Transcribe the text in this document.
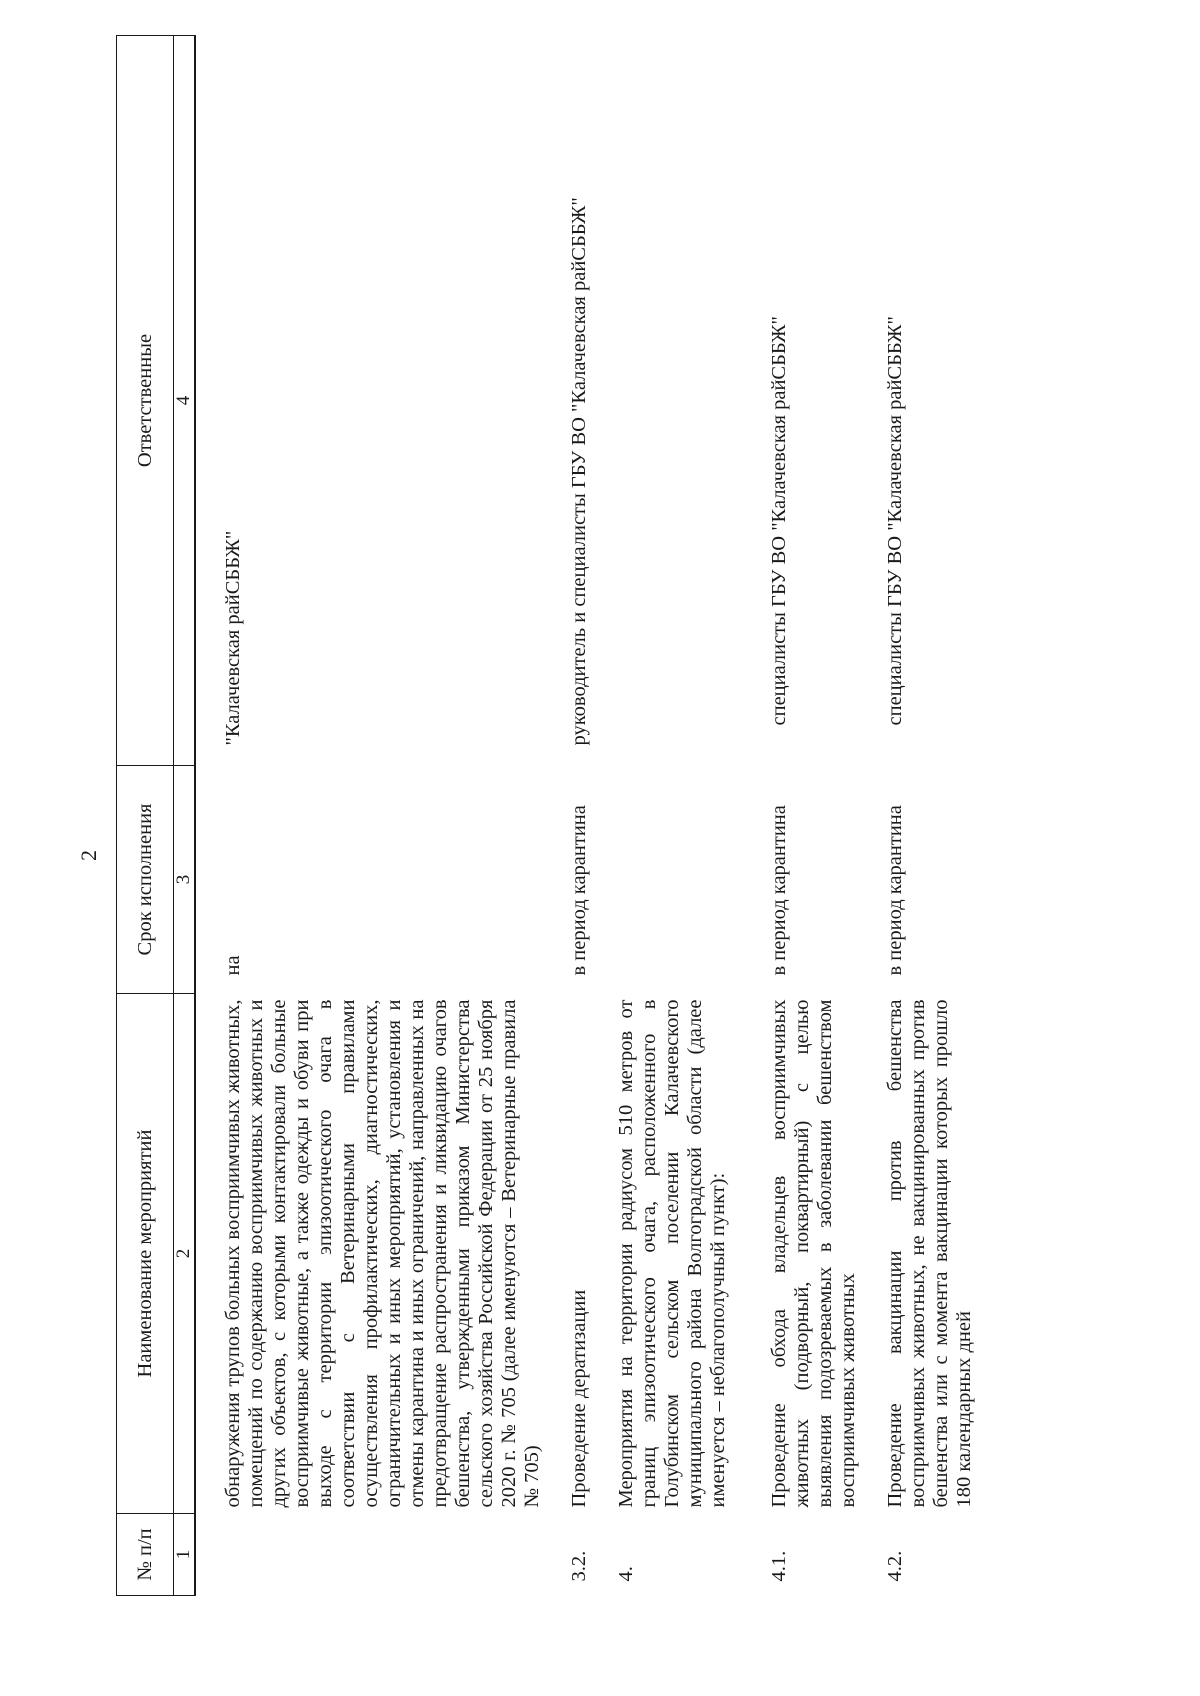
2
№ п/п	Наименование мероприятий	Срок исполнения	Ответственные
1	2	3	4
	обнаружения трупов больных восприимчивых животных, помещений по содержанию восприимчивых животных и других объектов, с которыми контактировали больные восприимчивые животные, а также одежды и обуви при выходе с территории эпизоотического очага в соответствии с Ветеринарными правилами осуществления профилактических, диагностических, ограничительных и иных мероприятий, установления и отмены карантина и иных ограничений, направленных на предотвращение распространения и ликвидацию очагов бешенства, утвержденными приказом Министерства сельского хозяйства Российской Федерации от 25 ноября 2020 г. № 705 (далее именуются – Ветеринарные правила № 705)	на	"Калачевская райСББЖ"
3.2.	Проведение дератизации	в период карантина	руководитель и специалисты ГБУ ВО "Калачевская райСББЖ"
4.	Мероприятия на территории радиусом 510 метров от границ эпизоотического очага, расположенного в Голубинском сельском поселении Калачевского муниципального района Волгоградской области (далее именуется – неблагополучный пункт):		
4.1.	Проведение обхода владельцев восприимчивых животных (подворный, поквартирный) с целью выявления подозреваемых в заболевании бешенством восприимчивых животных	в период карантина	специалисты ГБУ ВО "Калачевская райСББЖ"
4.2.	Проведение вакцинации против бешенства восприимчивых животных, не вакцинированных против бешенства или с момента вакцинации которых прошло 180 календарных дней	в период карантина	специалисты ГБУ ВО "Калачевская райСББЖ"
